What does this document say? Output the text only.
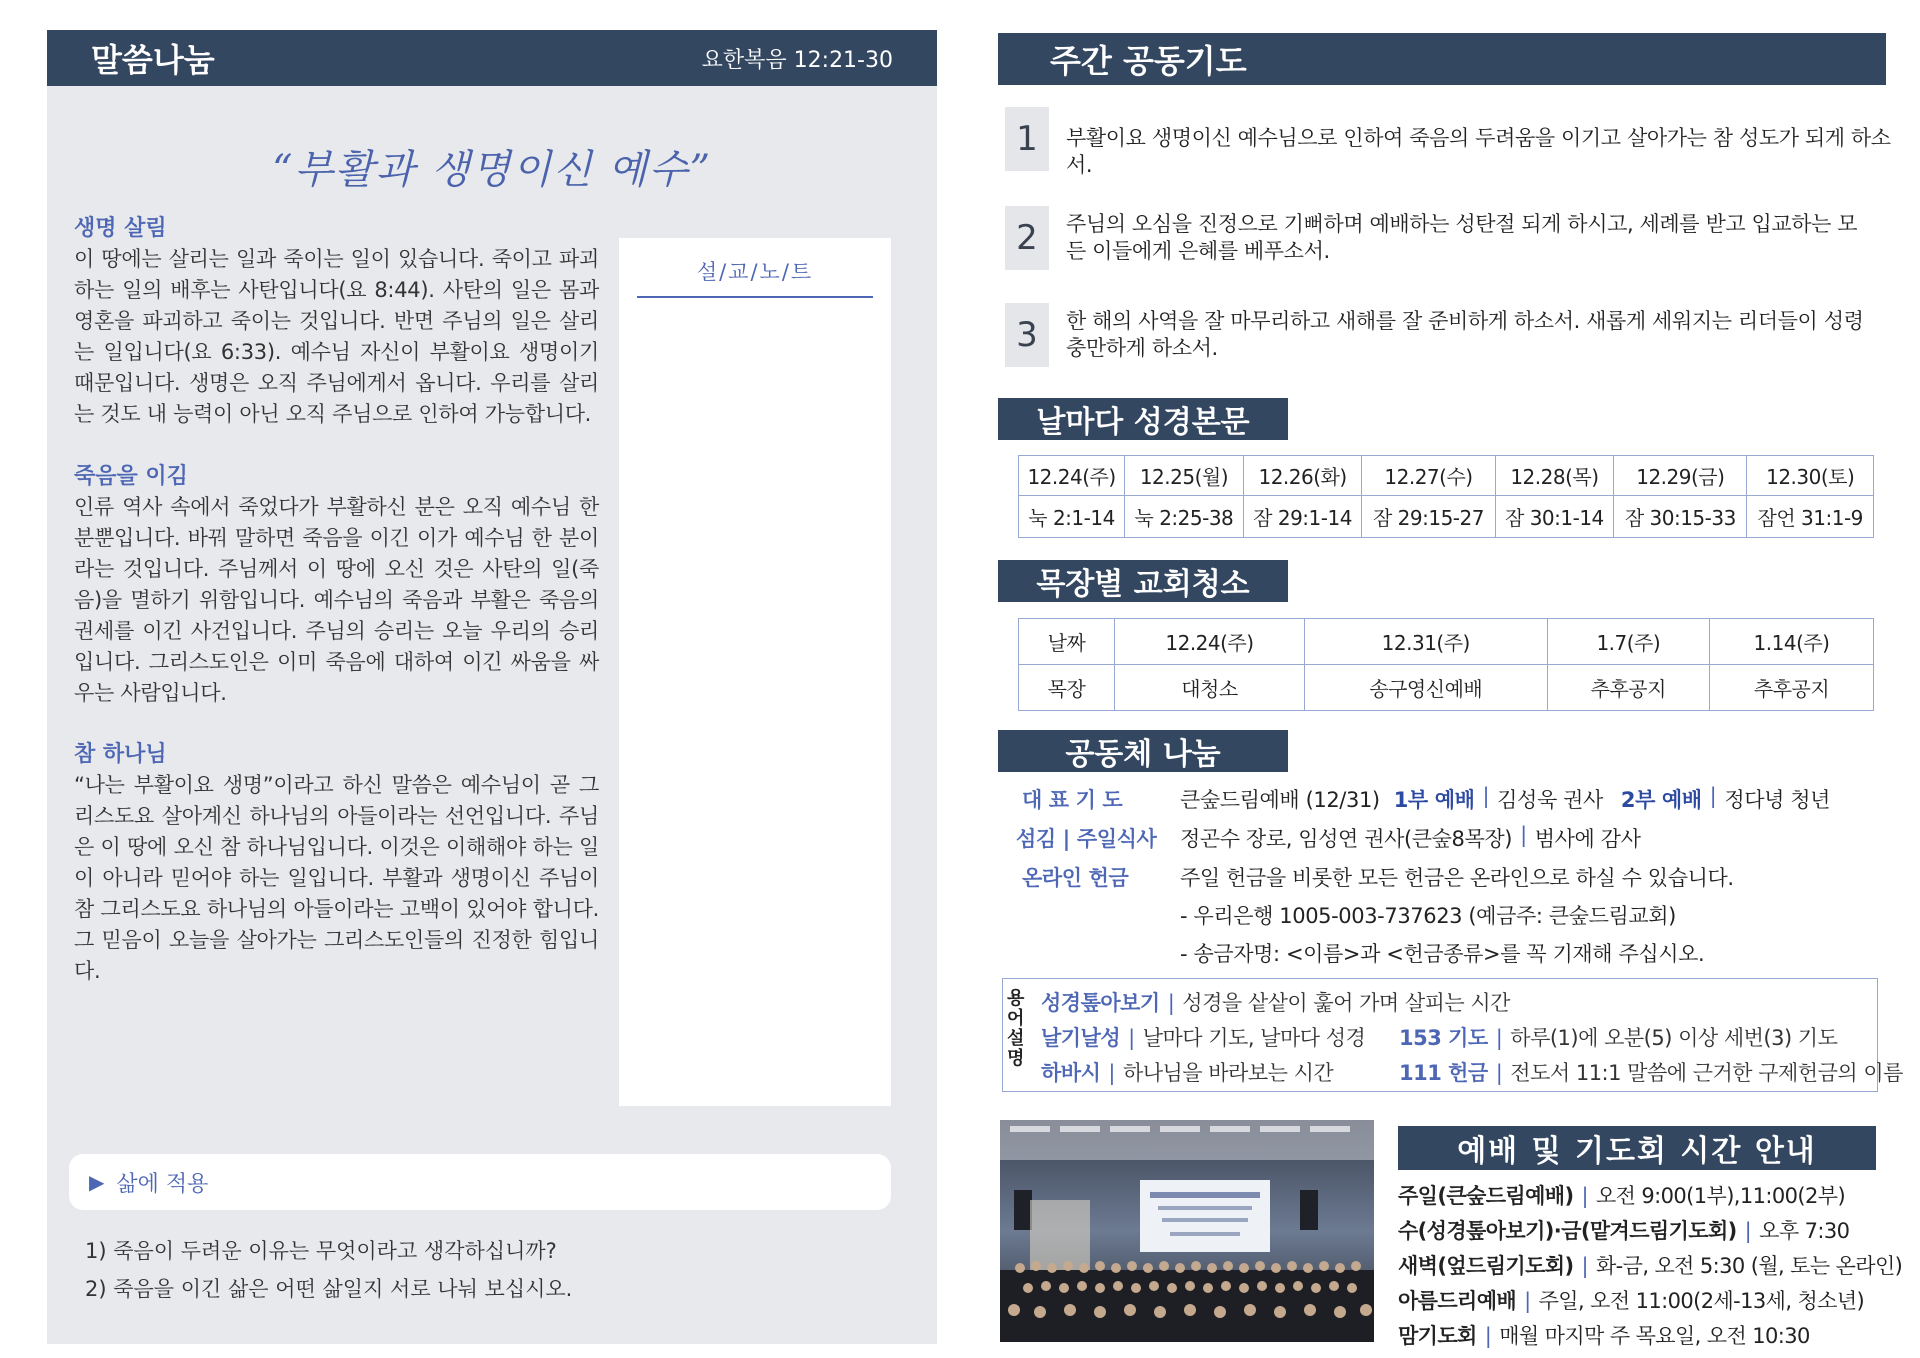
말씀나눔	요한복음 12:21-30
“부활과 생명이신 예수”
생명 살림

이 땅에는 살리는 일과 죽이는 일이 있습니다. 죽이고 파괴하는 일의 배후는 사탄입니다(요 8:44). 사탄의 일은 몸과 영혼을 파괴하고 죽이는 것입니다. 반면 주님의 일은 살리는 일입니다(요 6:33). 예수님 자신이 부활이요 생명이기 때문입니다. 생명은 오직 주님에게서 옵니다. 우리를 살리는 것도 내 능력이 아닌 오직 주님으로 인하여 가능합니다.

죽음을 이김

인류 역사 속에서 죽었다가 부활하신 분은 오직 예수님 한 분뿐입니다. 바꿔 말하면 죽음을 이긴 이가 예수님 한 분이라는 것입니다. 주님께서 이 땅에 오신 것은 사탄의 일(죽음)을 멸하기 위함입니다. 예수님의 죽음과 부활은 죽음의 권세를 이긴 사건입니다. 주님의 승리는 오늘 우리의 승리입니다. 그리스도인은 이미 죽음에 대하여 이긴 싸움을 싸우는 사람입니다.

참 하나님

“나는 부활이요 생명”이라고 하신 말씀은 예수님이 곧 그리스도요 살아계신 하나님의 아들이라는 선언입니다. 주님은 이 땅에 오신 참 하나님입니다. 이것은 이해해야 하는 일이 아니라 믿어야 하는 일입니다. 부활과 생명이신 주님이 참 그리스도요 하나님의 아들이라는 고백이 있어야 합니다. 그 믿음이 오늘을 살아가는 그리스도인들의 진정한 힘입니다.

설/교/노/트
▶ 삶에 적용
1) 죽음이 두려운 이유는 무엇이라고 생각하십니까?
2) 죽음을 이긴 삶은 어떤 삶일지 서로 나눠 보십시오.
주간 공동기도
1	부활이요 생명이신 예수님으로 인하여 죽음의 두려움을 이기고 살아가는 참 성도가 되게 하소서.
2	주님의 오심을 진정으로 기뻐하며 예배하는 성탄절 되게 하시고, 세례를 받고 입교하는 모든 이들에게 은혜를 베푸소서.
3	한 해의 사역을 잘 마무리하고 새해를 잘 준비하게 하소서. 새롭게 세워지는 리더들이 성령 충만하게 하소서.
날마다 성경본문
12.24(주)	12.25(월)	12.26(화)	12.27(수)	12.28(목)	12.29(금)	12.30(토)
눅 2:1-14	눅 2:25-38	잠 29:1-14	잠 29:15-27	잠 30:1-14	잠 30:15-33	잠언 31:1-9
목장별 교회청소
날짜	12.24(주)	12.31(주)	1.7(주)	1.14(주)
목장	대청소	송구영신예배	추후공지	추후공지
공동체 나눔
대 표 기 도	큰숲드림예배 (12/31) 1부 예배 | 김성욱 권사 2부 예배 | 정다녕 청년
섬김 | 주일식사	정곤수 장로, 임성연 권사(큰숲8목장) | 범사에 감사
온라인 헌금	주일 헌금을 비롯한 모든 헌금은 온라인으로 하실 수 있습니다.
- 우리은행 1005-003-737623 (예금주: 큰숲드림교회)
- 송금자명: <이름>과 <헌금종류>를 꼭 기재해 주십시오.
용어설명
성경톺아보기 | 성경을 샅샅이 훑어 가며 살피는 시간
날기날성 | 날마다 기도, 날마다 성경 153 기도 | 하루(1)에 오분(5) 이상 세번(3) 기도
하바시 | 하나님을 바라보는 시간	111 헌금 | 전도서 11:1 말씀에 근거한 구제헌금의 이름
예배 및 기도회 시간 안내
주일(큰숲드림예배) | 오전 9:00(1부),11:00(2부)
수(성경톺아보기)·금(맡겨드림기도회) | 오후 7:30
새벽(엎드림기도회) | 화-금, 오전 5:30 (월, 토는 온라인)
아름드리예배 | 주일, 오전 11:00(2세-13세, 청소년)
맘기도회 | 매월 마지막 주 목요일, 오전 10:30
